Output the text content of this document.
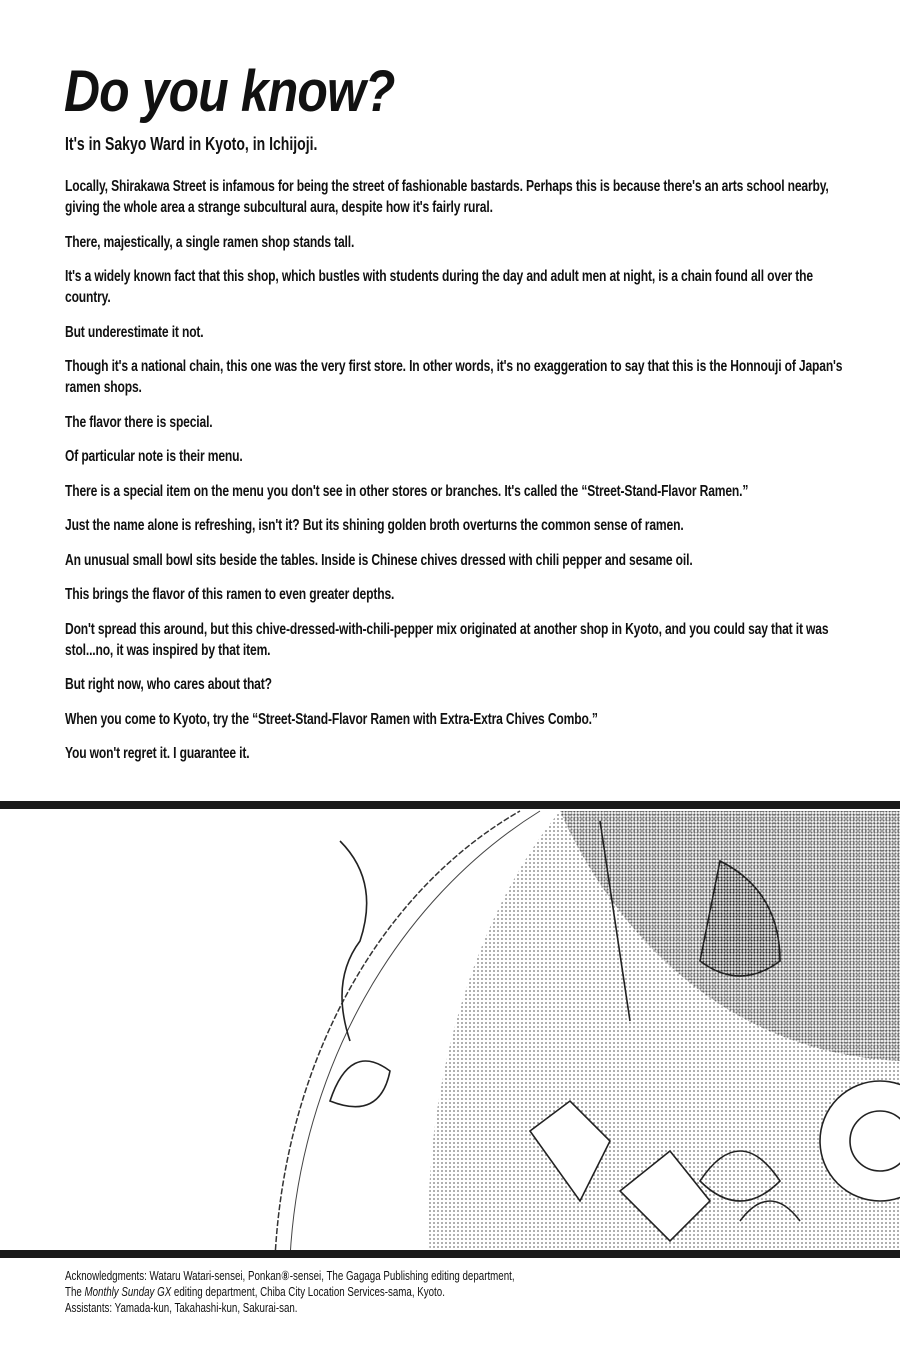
Do you know?
It's in Sakyo Ward in Kyoto, in Ichijoji.

Locally, Shirakawa Street is infamous for being the street of fashionable bastards. Perhaps this is because there's an arts school nearby, giving the whole area a strange subcultural aura, despite how it's fairly rural.

There, majestically, a single ramen shop stands tall.

It's a widely known fact that this shop, which bustles with students during the day and adult men at night, is a chain found all over the country.

But underestimate it not.

Though it's a national chain, this one was the very first store. In other words, it's no exaggeration to say that this is the Honnouji of Japan's ramen shops.

The flavor there is special.

Of particular note is their menu.

There is a special item on the menu you don't see in other stores or branches. It's called the “Street-Stand-Flavor Ramen.”

Just the name alone is refreshing, isn't it? But its shining golden broth overturns the common sense of ramen.

An unusual small bowl sits beside the tables. Inside is Chinese chives dressed with chili pepper and sesame oil.

This brings the flavor of this ramen to even greater depths.

Don't spread this around, but this chive-dressed-with-chili-pepper mix originated at another shop in Kyoto, and you could say that it was stol...no, it was inspired by that item.

But right now, who cares about that?

When you come to Kyoto, try the “Street-Stand-Flavor Ramen with Extra-Extra Chives Combo.”

You won't regret it. I guarantee it.

Acknowledgments: Wataru Watari-sensei, Ponkan⑧-sensei, The Gagaga Publishing editing department,

The Monthly Sunday GX editing department, Chiba City Location Services-sama, Kyoto.

Assistants: Yamada-kun, Takahashi-kun, Sakurai-san.
